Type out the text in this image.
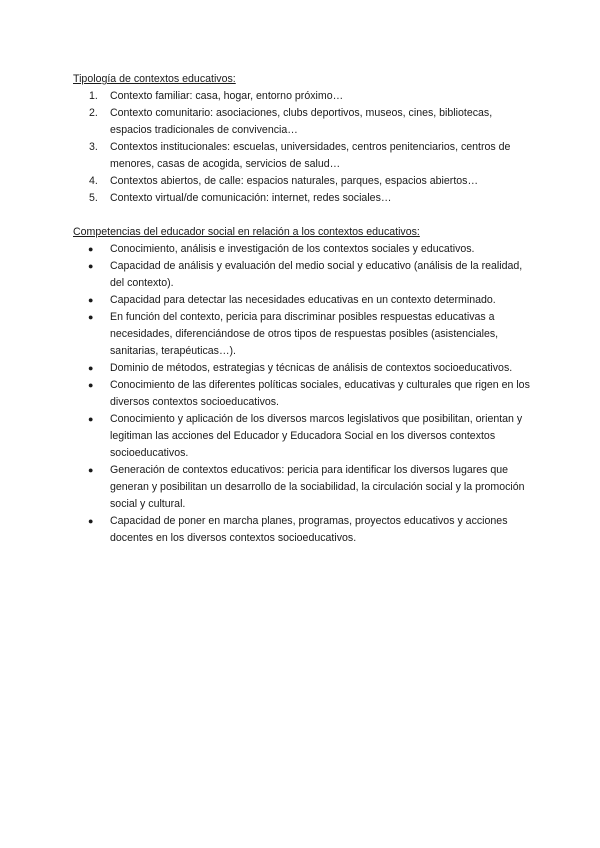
Tipología de contextos educativos:

1. Contexto familiar: casa, hogar, entorno próximo…
2. Contexto comunitario: asociaciones, clubs deportivos, museos, cines, bibliotecas, espacios tradicionales de convivencia…
3. Contextos institucionales: escuelas, universidades, centros penitenciarios, centros de menores, casas de acogida, servicios de salud…
4. Contextos abiertos, de calle: espacios naturales, parques, espacios abiertos…
5. Contexto virtual/de comunicación: internet, redes sociales…

Competencias del educador social en relación a los contextos educativos:

● Conocimiento, análisis e investigación de los contextos sociales y educativos.
● Capacidad de análisis y evaluación del medio social y educativo (análisis de la realidad, del contexto).
● Capacidad para detectar las necesidades educativas en un contexto determinado.
● En función del contexto, pericia para discriminar posibles respuestas educativas a necesidades, diferenciándose de otros tipos de respuestas posibles (asistenciales, sanitarias, terapéuticas…).
● Dominio de métodos, estrategias y técnicas de análisis de contextos socioeducativos.
● Conocimiento de las diferentes políticas sociales, educativas y culturales que rigen en los diversos contextos socioeducativos.
● Conocimiento y aplicación de los diversos marcos legislativos que posibilitan, orientan y legitiman las acciones del Educador y Educadora Social en los diversos contextos socioeducativos.
● Generación de contextos educativos: pericia para identificar los diversos lugares que generan y posibilitan un desarrollo de la sociabilidad, la circulación social y la promoción social y cultural.
● Capacidad de poner en marcha planes, programas, proyectos educativos y acciones docentes en los diversos contextos socioeducativos.
